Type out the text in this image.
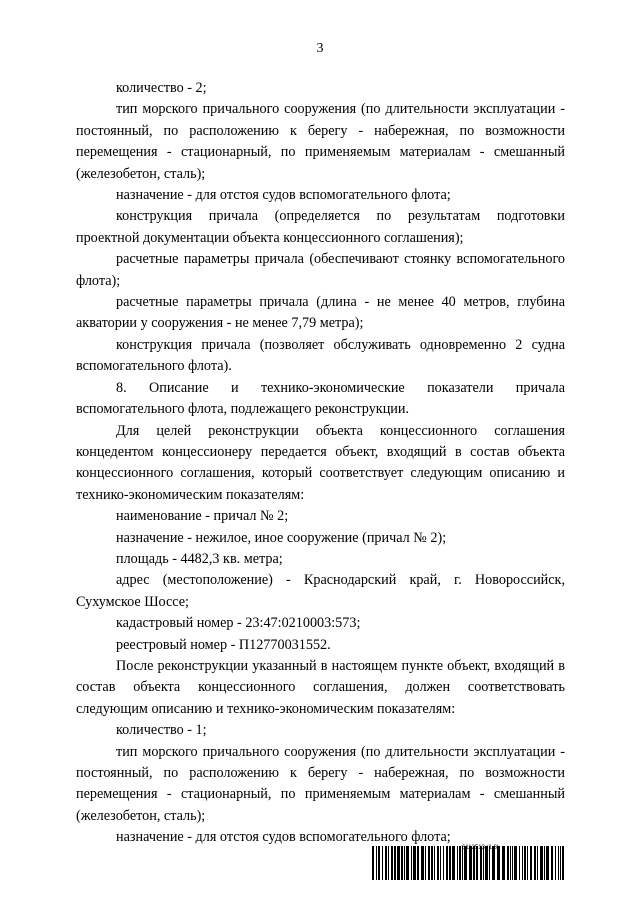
3

количество - 2;

тип морского причального сооружения (по длительности эксплуатации - постоянный, по расположению к берегу - набережная, по возможности перемещения - стационарный, по применяемым материалам - смешанный (железобетон, сталь);

назначение - для отстоя судов вспомогательного флота;

конструкция причала (определяется по результатам подготовки проектной документации объекта концессионного соглашения);

расчетные параметры причала (обеспечивают стоянку вспомогательного флота);

расчетные параметры причала (длина - не менее 40 метров, глубина акватории у сооружения - не менее 7,79 метра);

конструкция причала (позволяет обслуживать одновременно 2 судна вспомогательного флота).

8. Описание и технико-экономические показатели причала вспомогательного флота, подлежащего реконструкции.

Для целей реконструкции объекта концессионного соглашения концедентом концессионеру передается объект, входящий в состав объекта концессионного соглашения, который соответствует следующим описанию и технико-экономическим показателям:

наименование - причал № 2;

назначение - нежилое, иное сооружение (причал № 2);

площадь - 4482,3 кв. метра;

адрес (местоположение) - Краснодарский край, г. Новороссийск, Сухумское Шоссе;

кадастровый номер - 23:47:0210003:573;

реестровый номер - П12770031552.

После реконструкции указанный в настоящем пункте объект, входящий в состав объекта концессионного соглашения, должен соответствовать следующим описанию и технико-экономическим показателям:

количество - 1;

тип морского причального сооружения (по длительности эксплуатации - постоянный, по расположению к берегу - набережная, по возможности перемещения - стационарный, по применяемым материалам - смешанный (железобетон, сталь);

назначение - для отстоя судов вспомогательного флота;
